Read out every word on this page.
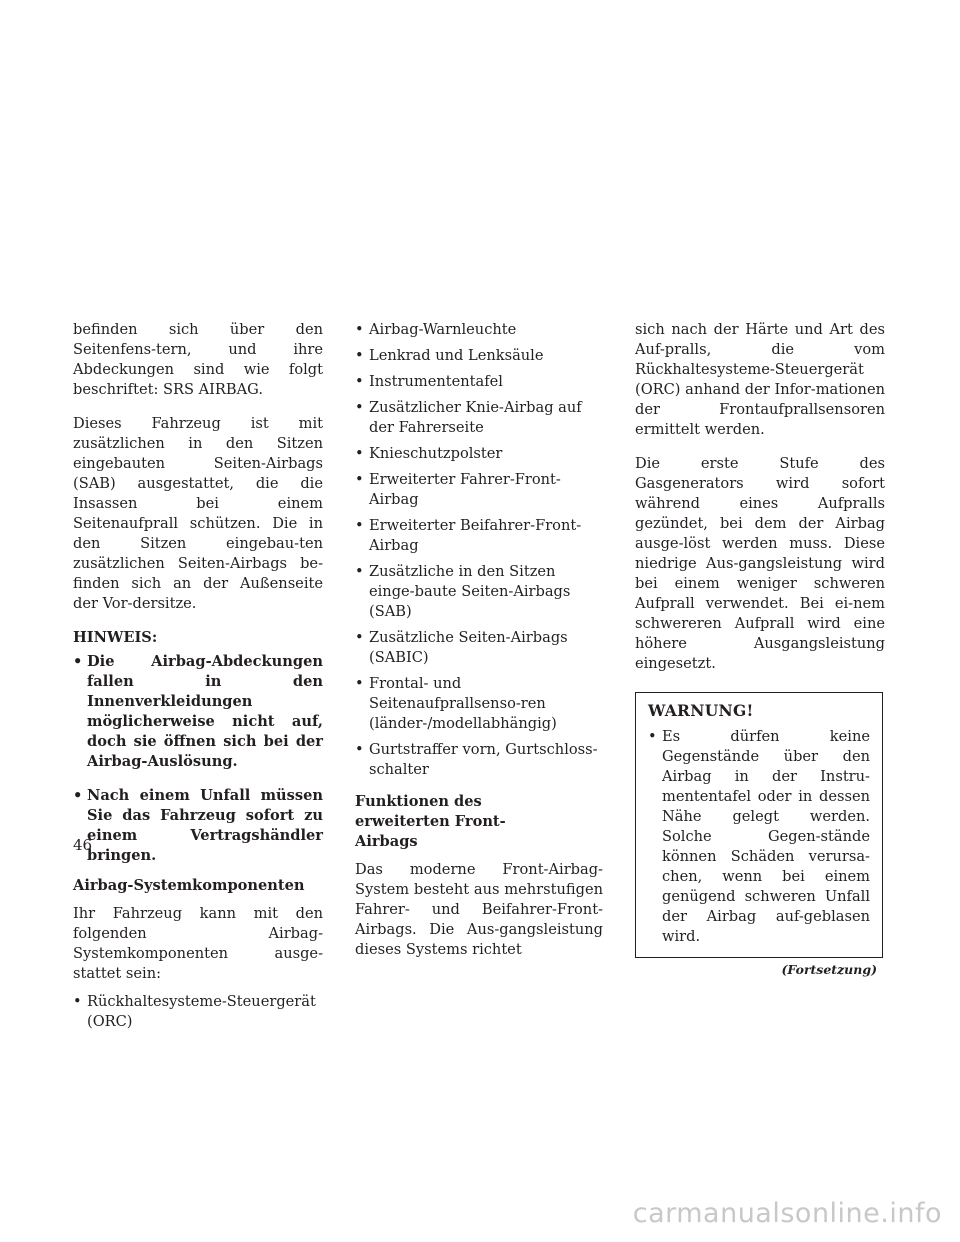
befinden sich über den Seitenfens-tern, und ihre Abdeckungen sind wie folgt beschriftet: SRS AIRBAG.

Dieses Fahrzeug ist mit zusätzlichen in den Sitzen eingebauten Seiten-Airbags (SAB) ausgestattet, die die Insassen bei einem Seitenaufprall schützen. Die in den Sitzen eingebau-ten zusätzlichen Seiten-Airbags be-finden sich an der Außenseite der Vor-dersitze.

HINWEIS:

• Die Airbag-Abdeckungen fallen in den Innenverkleidungen möglicherweise nicht auf, doch sie öffnen sich bei der Airbag-Auslösung.
• Nach einem Unfall müssen Sie das Fahrzeug sofort zu einem Vertragshändler bringen.

Airbag-Systemkomponenten

Ihr Fahrzeug kann mit den folgenden Airbag-Systemkomponenten ausge-stattet sein:

• Rückhaltesysteme-Steuergerät (ORC)
• Airbag-Warnleuchte
• Lenkrad und Lenksäule
• Instrumententafel
• Zusätzlicher Knie-Airbag auf der Fahrerseite
• Knieschutzpolster
• Erweiterter Fahrer-Front-Airbag
• Erweiterter Beifahrer-Front-Airbag
• Zusätzliche in den Sitzen einge-baute Seiten-Airbags (SAB)
• Zusätzliche Seiten-Airbags (SABIC)
• Frontal- und Seitenaufprallsenso-ren (länder-/modellabhängig)
• Gurtstraffer vorn, Gurtschloss-schalter

Funktionen des erweiterten Front-Airbags

Das moderne Front-Airbag-System besteht aus mehrstufigen Fahrer- und Beifahrer-Front-Airbags. Die Aus-gangsleistung dieses Systems richtet

sich nach der Härte und Art des Auf-pralls, die vom Rückhaltesysteme-Steuergerät (ORC) anhand der Infor-mationen der Frontaufprallsensoren ermittelt werden.

Die erste Stufe des Gasgenerators wird sofort während eines Aufpralls gezündet, bei dem der Airbag ausge-löst werden muss. Diese niedrige Aus-gangsleistung wird bei einem weniger schweren Aufprall verwendet. Bei ei-nem schwereren Aufprall wird eine höhere Ausgangsleistung eingesetzt.

WARNUNG!
• Es dürfen keine Gegenstände über den Airbag in der Instru-mententafel oder in dessen Nähe gelegt werden. Solche Gegen-stände können Schäden verursa-chen, wenn bei einem genügend schweren Unfall der Airbag auf-geblasen wird.
(Fortsetzung)
46
carmanualsonline.info
